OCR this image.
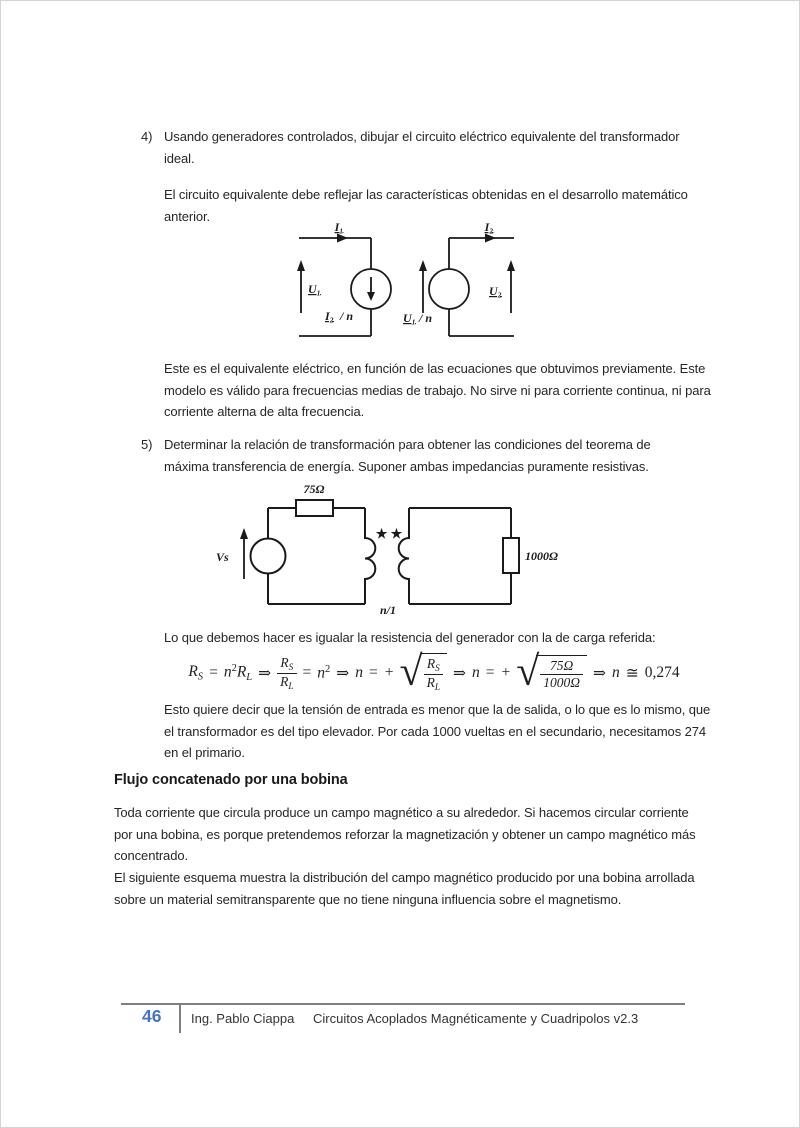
4) Usando generadores controlados, dibujar el circuito eléctrico equivalente del transformador ideal.
El circuito equivalente debe reflejar las características obtenidas en el desarrollo matemático anterior.
I₁
U₁
I₂ / n
I₂
U₁ / n
U₂
Este es el equivalente eléctrico, en función de las ecuaciones que obtuvimos previamente. Este modelo es válido para frecuencias medias de trabajo. No sirve ni para corriente continua, ni para corriente alterna de alta frecuencia.
5) Determinar la relación de transformación para obtener las condiciones del teorema de máxima transferencia de energía. Suponer ambas impedancias puramente resistivas.
75Ω
Vs
★ ★
n/1
1000Ω
Lo que debemos hacer es igualar la resistencia del generador con la de carga referida:
$R_S = n^2R_L$ ⇒ $\frac{R_S}{R_L} = n^2$ ⇒ n = + √ $\frac{R_S}{R_L}$ ⇒ n = + √ $\frac{75\Omega}{1000\Omega}$ ⇒ n ≅ 0,274
Esto quiere decir que la tensión de entrada es menor que la de salida, o lo que es lo mismo, que el transformador es del tipo elevador. Por cada 1000 vueltas en el secundario, necesitamos 274 en el primario.
Flujo concatenado por una bobina
Toda corriente que circula produce un campo magnético a su alrededor. Si hacemos circular corriente por una bobina, es porque pretendemos reforzar la magnetización y obtener un campo magnético más concentrado.
El siguiente esquema muestra la distribución del campo magnético producido por una bobina arrollada sobre un material semitransparente que no tiene ninguna influencia sobre el magnetismo.
46 Ing. Pablo Ciappa Circuitos Acoplados Magnéticamente y Cuadripolos v2.3
